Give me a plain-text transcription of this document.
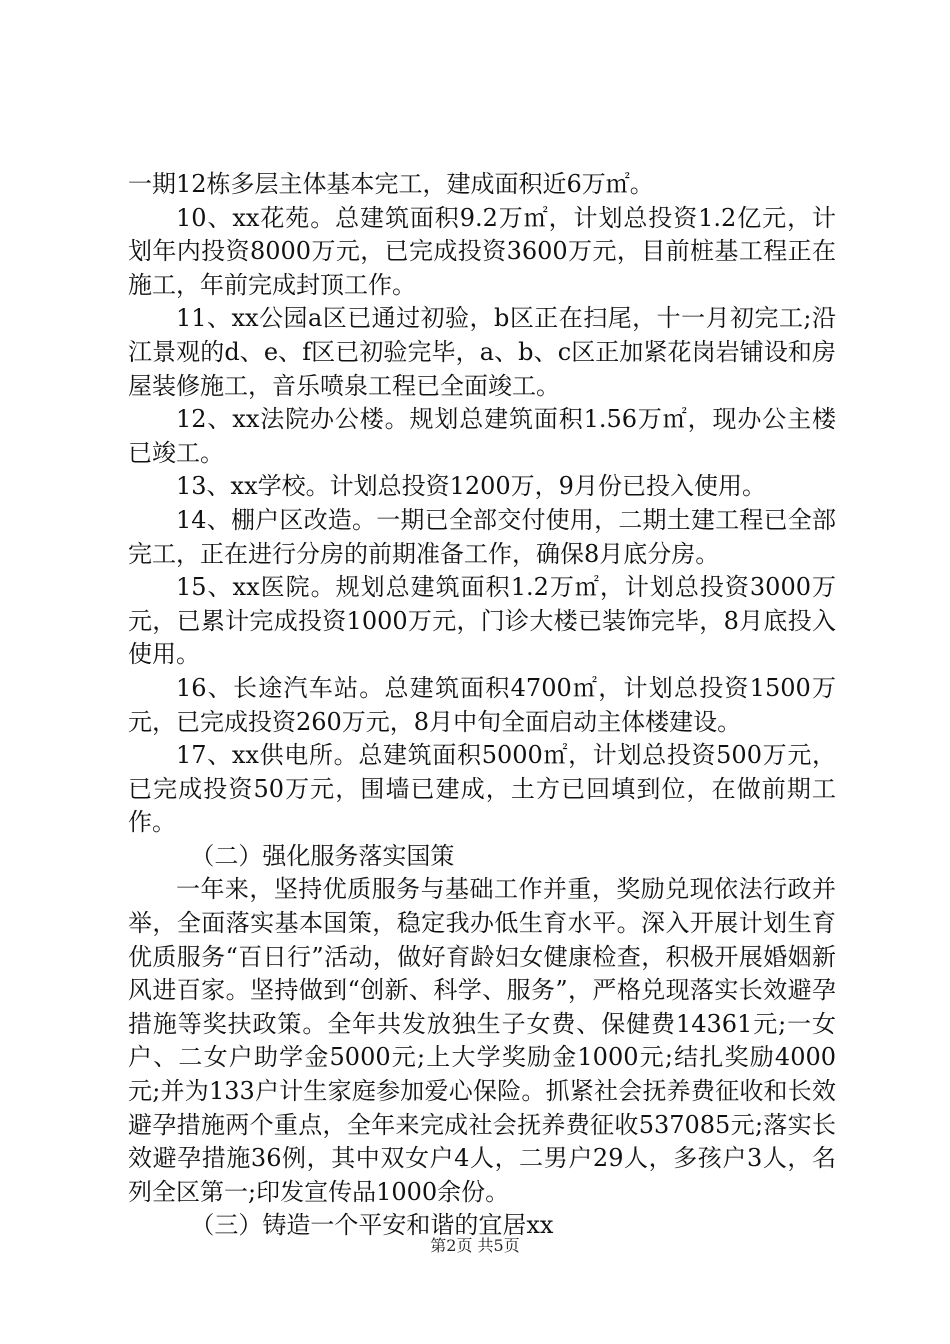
一期12栋多层主体基本完工，建成面积近6万㎡。

10、xx花苑。总建筑面积9.2万㎡，计划总投资1.2亿元，计划年内投资8000万元，已完成投资3600万元，目前桩基工程正在施工，年前完成封顶工作。

11、xx公园a区已通过初验，b区正在扫尾，十一月初完工;沿江景观的d、e、f区已初验完毕，a、b、c区正加紧花岗岩铺设和房屋装修施工，音乐喷泉工程已全面竣工。

12、xx法院办公楼。规划总建筑面积1.56万㎡，现办公主楼已竣工。

13、xx学校。计划总投资1200万，9月份已投入使用。

14、棚户区改造。一期已全部交付使用，二期土建工程已全部完工，正在进行分房的前期准备工作，确保8月底分房。

15、xx医院。规划总建筑面积1.2万㎡，计划总投资3000万元，已累计完成投资1000万元，门诊大楼已装饰完毕，8月底投入使用。

16、长途汽车站。总建筑面积4700㎡，计划总投资1500万元，已完成投资260万元，8月中旬全面启动主体楼建设。

17、xx供电所。总建筑面积5000㎡，计划总投资500万元，已完成投资50万元，围墙已建成，土方已回填到位，在做前期工作。

（二）强化服务落实国策

一年来，坚持优质服务与基础工作并重，奖励兑现依法行政并举，全面落实基本国策，稳定我办低生育水平。深入开展计划生育优质服务“百日行”活动，做好育龄妇女健康检查，积极开展婚姻新风进百家。坚持做到“创新、科学、服务”，严格兑现落实长效避孕措施等奖扶政策。全年共发放独生子女费、保健费14361元;一女户、二女户助学金5000元;上大学奖励金1000元;结扎奖励4000元;并为133户计生家庭参加爱心保险。抓紧社会抚养费征收和长效避孕措施两个重点，全年来完成社会抚养费征收537085元;落实长效避孕措施36例，其中双女户4人，二男户29人，多孩户3人，名列全区第一;印发宣传品1000余份。

（三）铸造一个平安和谐的宜居xx

第2页 共5页
